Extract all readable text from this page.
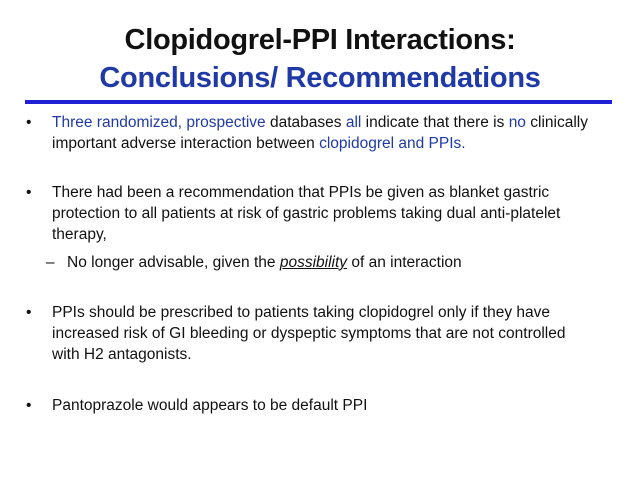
Clopidogrel-PPI Interactions:
Conclusions/ Recommendations
•	Three randomized, prospective databases all indicate that there is no clinically important adverse interaction between clopidogrel and PPIs.
•	There had been a recommendation that PPIs be given as blanket gastric protection to all patients at risk of gastric problems taking dual anti-platelet therapy,
– No longer advisable, given the possibility of an interaction
•	PPIs should be prescribed to patients taking clopidogrel only if they have increased risk of GI bleeding or dyspeptic symptoms that are not controlled with H2 antagonists.
•	Pantoprazole would appears to be default PPI
